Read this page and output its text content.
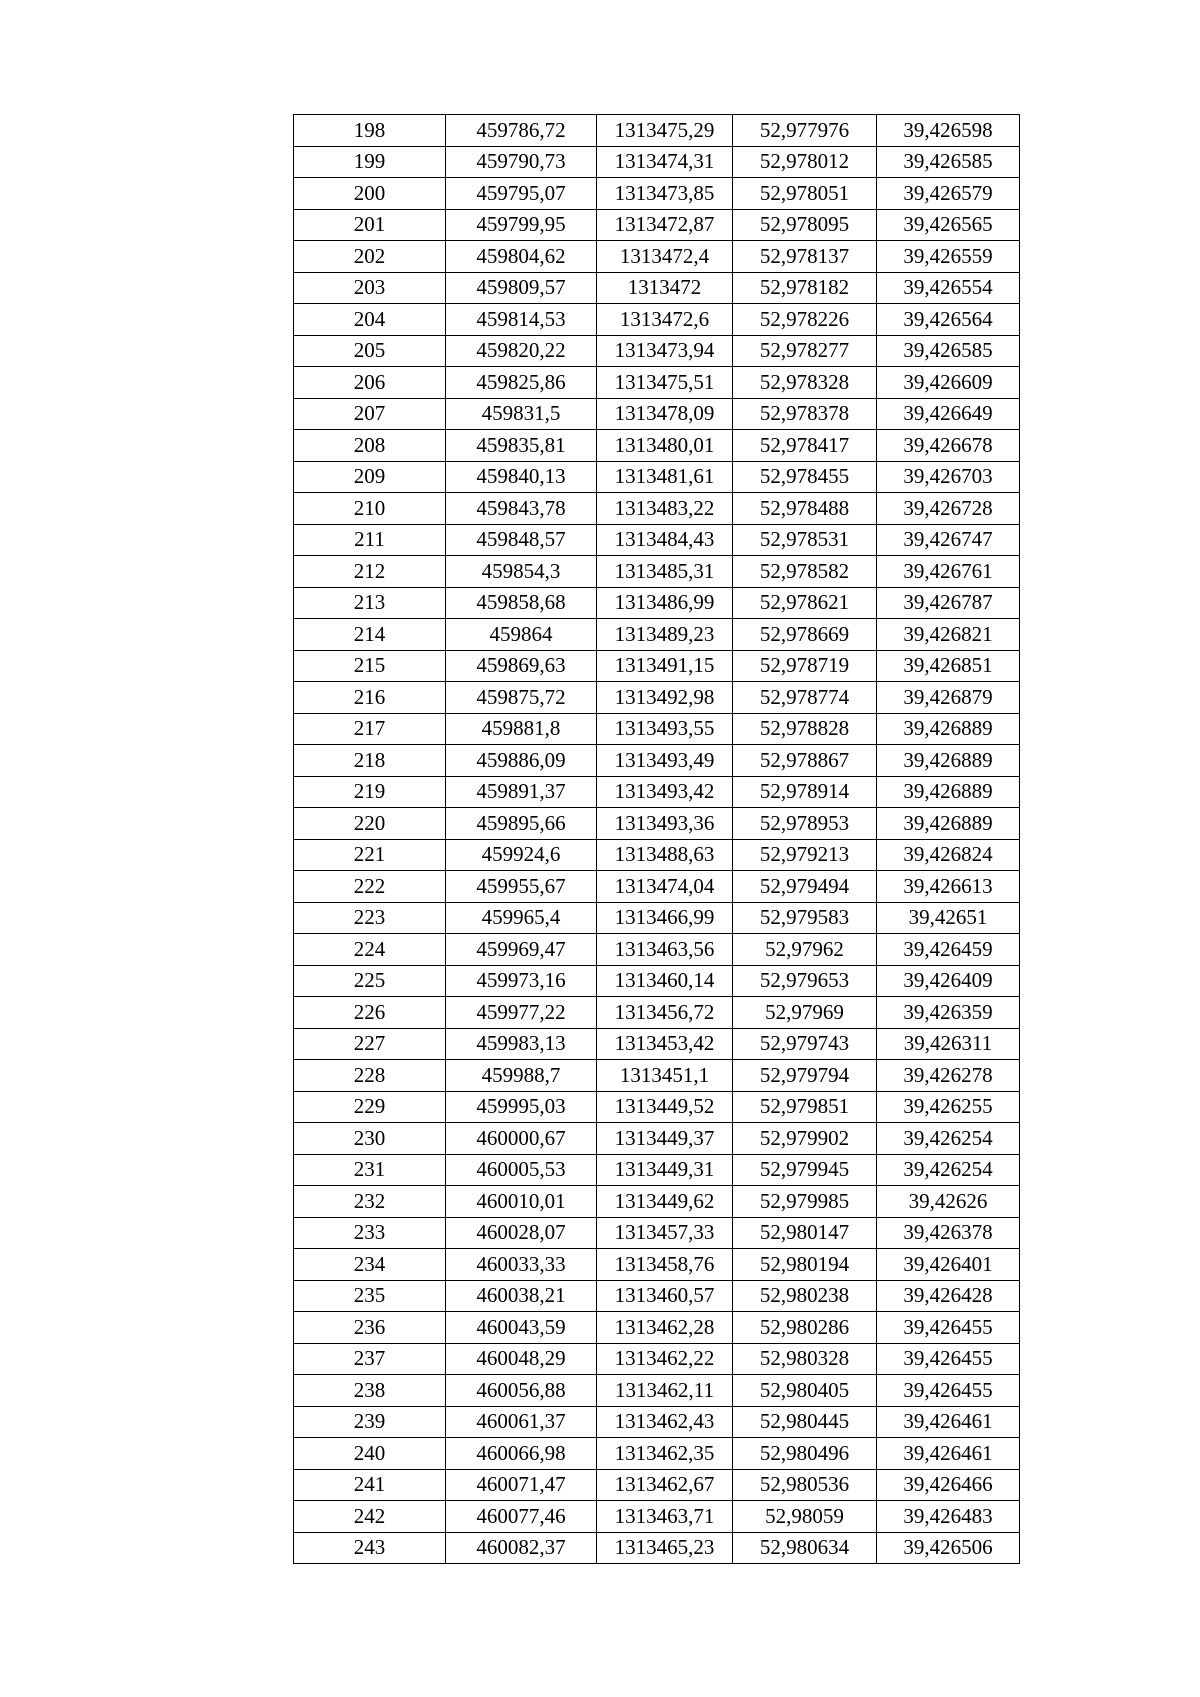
198	459786,72	1313475,29	52,977976	39,426598
199	459790,73	1313474,31	52,978012	39,426585
200	459795,07	1313473,85	52,978051	39,426579
201	459799,95	1313472,87	52,978095	39,426565
202	459804,62	1313472,4	52,978137	39,426559
203	459809,57	1313472	52,978182	39,426554
204	459814,53	1313472,6	52,978226	39,426564
205	459820,22	1313473,94	52,978277	39,426585
206	459825,86	1313475,51	52,978328	39,426609
207	459831,5	1313478,09	52,978378	39,426649
208	459835,81	1313480,01	52,978417	39,426678
209	459840,13	1313481,61	52,978455	39,426703
210	459843,78	1313483,22	52,978488	39,426728
211	459848,57	1313484,43	52,978531	39,426747
212	459854,3	1313485,31	52,978582	39,426761
213	459858,68	1313486,99	52,978621	39,426787
214	459864	1313489,23	52,978669	39,426821
215	459869,63	1313491,15	52,978719	39,426851
216	459875,72	1313492,98	52,978774	39,426879
217	459881,8	1313493,55	52,978828	39,426889
218	459886,09	1313493,49	52,978867	39,426889
219	459891,37	1313493,42	52,978914	39,426889
220	459895,66	1313493,36	52,978953	39,426889
221	459924,6	1313488,63	52,979213	39,426824
222	459955,67	1313474,04	52,979494	39,426613
223	459965,4	1313466,99	52,979583	39,42651
224	459969,47	1313463,56	52,97962	39,426459
225	459973,16	1313460,14	52,979653	39,426409
226	459977,22	1313456,72	52,97969	39,426359
227	459983,13	1313453,42	52,979743	39,426311
228	459988,7	1313451,1	52,979794	39,426278
229	459995,03	1313449,52	52,979851	39,426255
230	460000,67	1313449,37	52,979902	39,426254
231	460005,53	1313449,31	52,979945	39,426254
232	460010,01	1313449,62	52,979985	39,42626
233	460028,07	1313457,33	52,980147	39,426378
234	460033,33	1313458,76	52,980194	39,426401
235	460038,21	1313460,57	52,980238	39,426428
236	460043,59	1313462,28	52,980286	39,426455
237	460048,29	1313462,22	52,980328	39,426455
238	460056,88	1313462,11	52,980405	39,426455
239	460061,37	1313462,43	52,980445	39,426461
240	460066,98	1313462,35	52,980496	39,426461
241	460071,47	1313462,67	52,980536	39,426466
242	460077,46	1313463,71	52,98059	39,426483
243	460082,37	1313465,23	52,980634	39,426506
